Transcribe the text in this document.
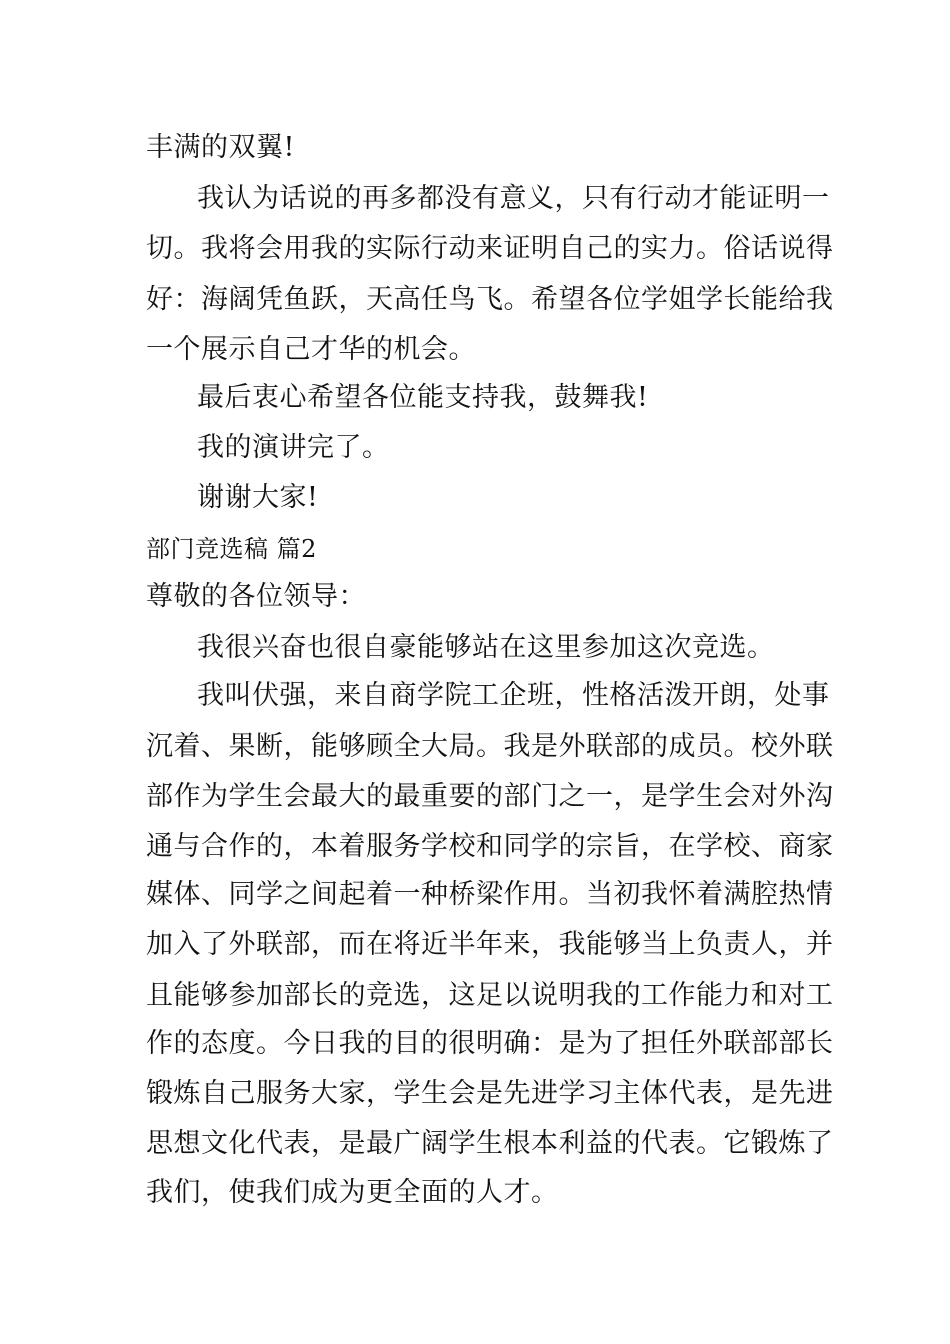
丰满的双翼!
我认为话说的再多都没有意义，只有行动才能证明一
切。我将会用我的实际行动来证明自己的实力。俗话说得
好：海阔凭鱼跃，天高任鸟飞。希望各位学姐学长能给我
一个展示自己才华的机会。
最后衷心希望各位能支持我，鼓舞我!
我的演讲完了。
谢谢大家!
部门竞选稿 篇2
尊敬的各位领导：
我很兴奋也很自豪能够站在这里参加这次竞选。
我叫伏强，来自商学院工企班，性格活泼开朗，处事
沉着、果断，能够顾全大局。我是外联部的成员。校外联
部作为学生会最大的最重要的部门之一，是学生会对外沟
通与合作的，本着服务学校和同学的宗旨，在学校、商家
媒体、同学之间起着一种桥梁作用。当初我怀着满腔热情
加入了外联部，而在将近半年来，我能够当上负责人，并
且能够参加部长的竞选，这足以说明我的工作能力和对工
作的态度。今日我的目的很明确：是为了担任外联部部长
锻炼自己服务大家，学生会是先进学习主体代表，是先进
思想文化代表，是最广阔学生根本利益的代表。它锻炼了
我们，使我们成为更全面的人才。
